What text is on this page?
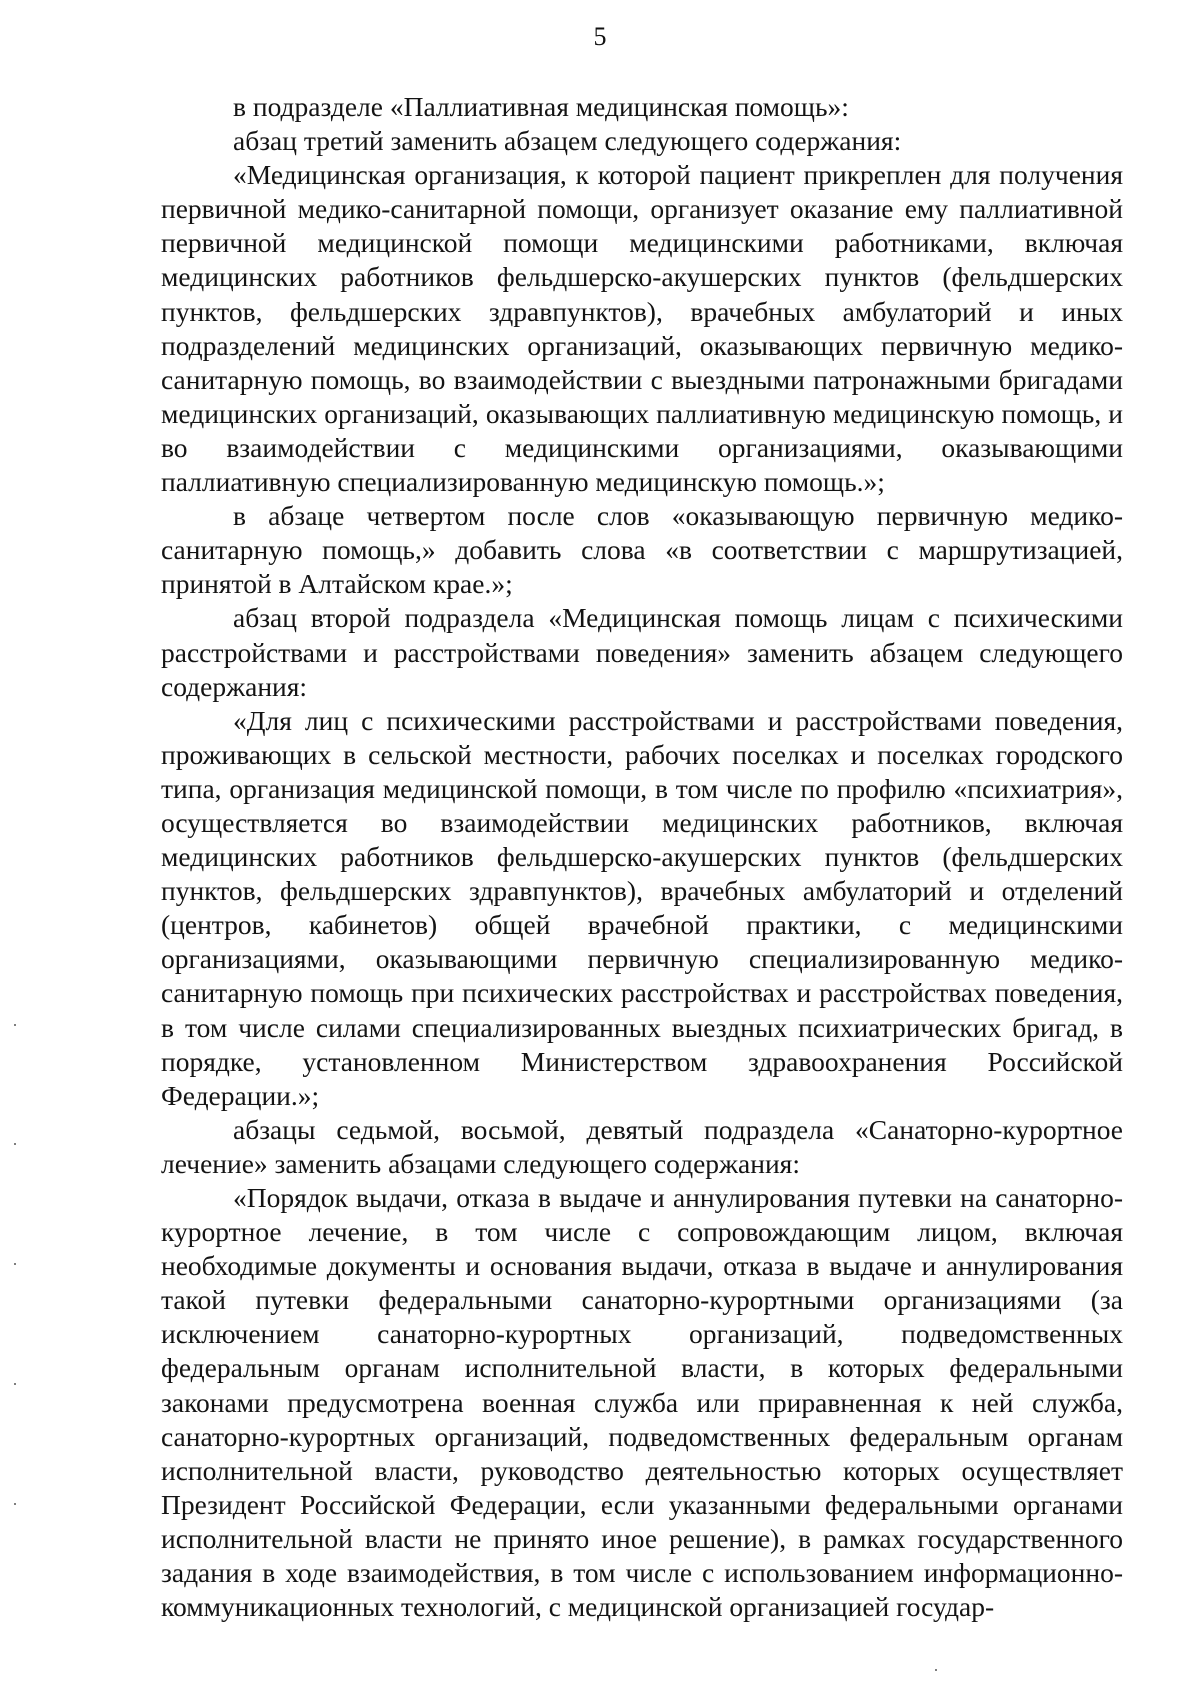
5

в подразделе «Паллиативная медицинская помощь»:

абзац третий заменить абзацем следующего содержания:

«Медицинская организация, к которой пациент прикреплен для получения первичной медико-санитарной помощи, организует оказание ему паллиативной первичной медицинской помощи медицинскими работниками, включая медицинских работников фельдшерско-акушерских пунктов (фельдшерских пунктов, фельдшерских здравпунктов), врачебных амбулаторий и иных подразделений медицинских организаций, оказывающих первичную медико-санитарную помощь, во взаимодействии с выездными патронажными бригадами медицинских организаций, оказывающих паллиативную медицинскую помощь, и во взаимодействии с медицинскими организациями, оказывающими паллиативную специализированную медицинскую помощь.»;

в абзаце четвертом после слов «оказывающую первичную медико-санитарную помощь,» добавить слова «в соответствии с маршрутизацией, принятой в Алтайском крае.»;

абзац второй подраздела «Медицинская помощь лицам с психическими расстройствами и расстройствами поведения» заменить абзацем следующего содержания:

«Для лиц с психическими расстройствами и расстройствами поведения, проживающих в сельской местности, рабочих поселках и поселках городского типа, организация медицинской помощи, в том числе по профилю «психиатрия», осуществляется во взаимодействии медицинских работников, включая медицинских работников фельдшерско-акушерских пунктов (фельдшерских пунктов, фельдшерских здравпунктов), врачебных амбулаторий и отделений (центров, кабинетов) общей врачебной практики, с медицинскими организациями, оказывающими первичную специализированную медико-санитарную помощь при психических расстройствах и расстройствах поведения, в том числе силами специализированных выездных психиатрических бригад, в порядке, установленном Министерством здравоохранения Российской Федерации.»;

абзацы седьмой, восьмой, девятый подраздела «Санаторно-курортное лечение» заменить абзацами следующего содержания:

«Порядок выдачи, отказа в выдаче и аннулирования путевки на санаторно-курортное лечение, в том числе с сопровождающим лицом, включая необходимые документы и основания выдачи, отказа в выдаче и аннулирования такой путевки федеральными санаторно-курортными организациями (за исключением санаторно-курортных организаций, подведомственных федеральным органам исполнительной власти, в которых федеральными законами предусмотрена военная служба или приравненная к ней служба, санаторно-курортных организаций, подведомственных федеральным органам исполнительной власти, руководство деятельностью которых осуществляет Президент Российской Федерации, если указанными федеральными органами исполнительной власти не принято иное решение), в рамках государственного задания в ходе взаимодействия, в том числе с использованием информационно-коммуникационных технологий, с медицинской организацией государ-
